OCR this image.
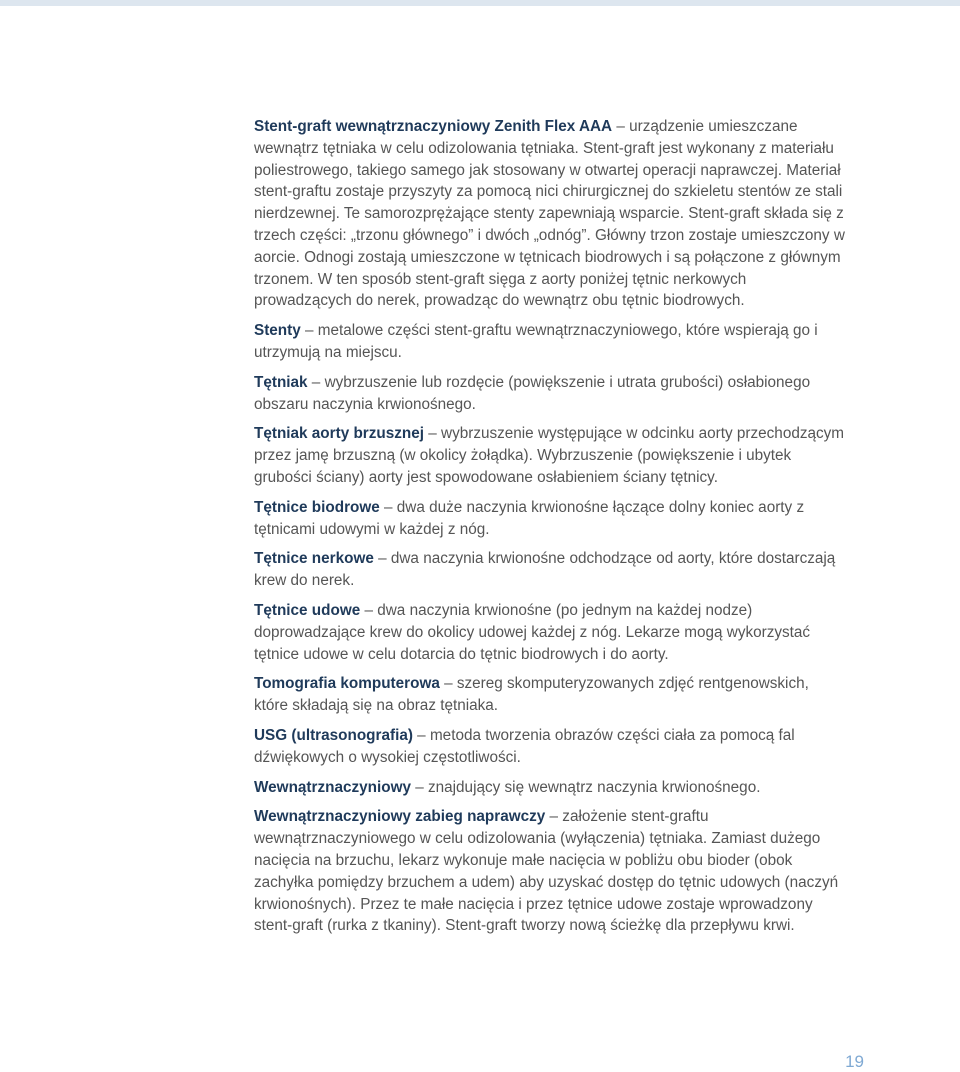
Stent-graft wewnątrznaczyniowy Zenith Flex AAA – urządzenie umieszczane wewnątrz tętniaka w celu odizolowania tętniaka. Stent-graft jest wykonany z materiału poliestrowego, takiego samego jak stosowany w otwartej operacji naprawczej. Materiał stent-graftu zostaje przyszyty za pomocą nici chirurgicznej do szkieletu stentów ze stali nierdzewnej. Te samorozprężające stenty zapewniają wsparcie. Stent-graft składa się z trzech części: „trzonu głównego” i dwóch „odnóg”. Główny trzon zostaje umieszczony w aorcie. Odnogi zostają umieszczone w tętnicach biodrowych i są połączone z głównym trzonem. W ten sposób stent-graft sięga z aorty poniżej tętnic nerkowych prowadzących do nerek, prowadząc do wewnątrz obu tętnic biodrowych.

Stenty – metalowe części stent-graftu wewnątrznaczyniowego, które wspierają go i utrzymują na miejscu.

Tętniak – wybrzuszenie lub rozdęcie (powiększenie i utrata grubości) osłabionego obszaru naczynia krwionośnego.

Tętniak aorty brzusznej – wybrzuszenie występujące w odcinku aorty przechodzącym przez jamę brzuszną (w okolicy żołądka). Wybrzuszenie (powiększenie i ubytek grubości ściany) aorty jest spowodowane osłabieniem ściany tętnicy.

Tętnice biodrowe – dwa duże naczynia krwionośne łączące dolny koniec aorty z tętnicami udowymi w każdej z nóg.

Tętnice nerkowe – dwa naczynia krwionośne odchodzące od aorty, które dostarczają krew do nerek.

Tętnice udowe – dwa naczynia krwionośne (po jednym na każdej nodze) doprowadzające krew do okolicy udowej każdej z nóg. Lekarze mogą wykorzystać tętnice udowe w celu dotarcia do tętnic biodrowych i do aorty.

Tomografia komputerowa – szereg skomputeryzowanych zdjęć rentgenowskich, które składają się na obraz tętniaka.

USG (ultrasonografia) – metoda tworzenia obrazów części ciała za pomocą fal dźwiękowych o wysokiej częstotliwości.

Wewnątrznaczyniowy – znajdujący się wewnątrz naczynia krwionośnego.

Wewnątrznaczyniowy zabieg naprawczy – założenie stent-graftu wewnątrznaczyniowego w celu odizolowania (wyłączenia) tętniaka. Zamiast dużego nacięcia na brzuchu, lekarz wykonuje małe nacięcia w pobliżu obu bioder (obok zachyłka pomiędzy brzuchem a udem) aby uzyskać dostęp do tętnic udowych (naczyń krwionośnych). Przez te małe nacięcia i przez tętnice udowe zostaje wprowadzony stent-graft (rurka z tkaniny). Stent-graft tworzy nową ścieżkę dla przepływu krwi.

19
